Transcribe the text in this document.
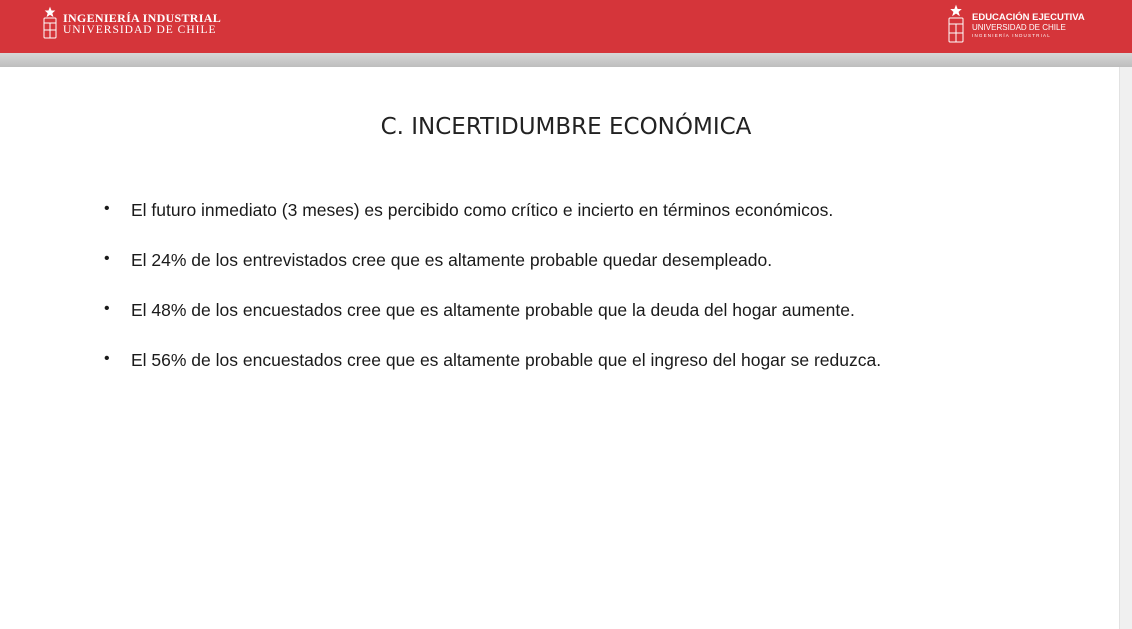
INGENIERÍA INDUSTRIAL
UNIVERSIDAD DE CHILE
EDUCACIÓN EJECUTIVA
UNIVERSIDAD DE CHILE
INGENIERÍA INDUSTRIAL
C. INCERTIDUMBRE ECONÓMICA
•	El futuro inmediato (3 meses) es percibido como crítico e incierto en términos económicos.
•	El 24% de los entrevistados cree que es altamente probable quedar desempleado.
•	El 48% de los encuestados cree que es altamente probable que la deuda del hogar aumente.
•	El 56% de los encuestados cree que es altamente probable que el ingreso del hogar se reduzca.
